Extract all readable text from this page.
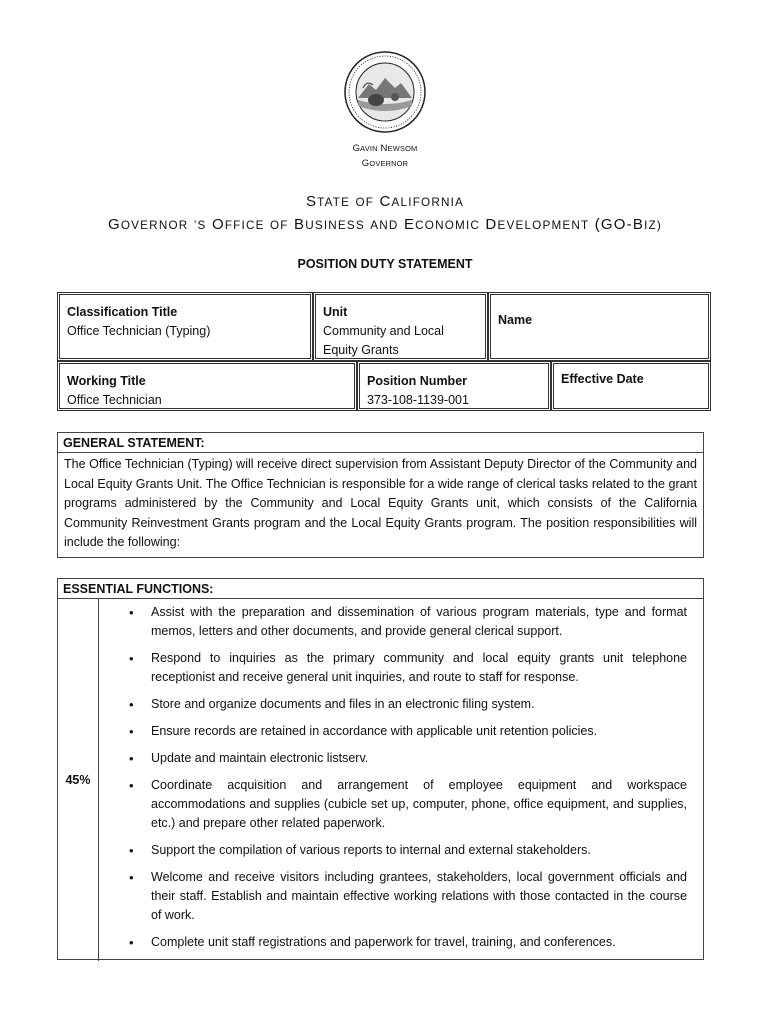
GAVIN NEWSOM
GOVERNOR
STATE OF CALIFORNIA
GOVERNOR ’S OFFICE OF BUSINESS AND ECONOMIC DEVELOPMENT (GO-BIZ)
POSITION DUTY STATEMENT
Classification Title
Office Technician (Typing)
Unit
Community and Local Equity Grants
Name
Working Title
Office Technician
Position Number
373-108-1139-001
Effective Date
GENERAL STATEMENT:
The Office Technician (Typing) will receive direct supervision from Assistant Deputy Director of the Community and Local Equity Grants Unit. The Office Technician is responsible for a wide range of clerical tasks related to the grant programs administered by the Community and Local Equity Grants unit, which consists of the California Community Reinvestment Grants program and the Local Equity Grants program. The position responsibilities will include the following:
ESSENTIAL FUNCTIONS:
45%
• Assist with the preparation and dissemination of various program materials, type and format memos, letters and other documents, and provide general clerical support.
• Respond to inquiries as the primary community and local equity grants unit telephone receptionist and receive general unit inquiries, and route to staff for response.
• Store and organize documents and files in an electronic filing system.
• Ensure records are retained in accordance with applicable unit retention policies.
• Update and maintain electronic listserv.
• Coordinate acquisition and arrangement of employee equipment and workspace accommodations and supplies (cubicle set up, computer, phone, office equipment, and supplies, etc.) and prepare other related paperwork.
• Support the compilation of various reports to internal and external stakeholders.
• Welcome and receive visitors including grantees, stakeholders, local government officials and their staff. Establish and maintain effective working relations with those contacted in the course of work.
• Complete unit staff registrations and paperwork for travel, training, and conferences.
